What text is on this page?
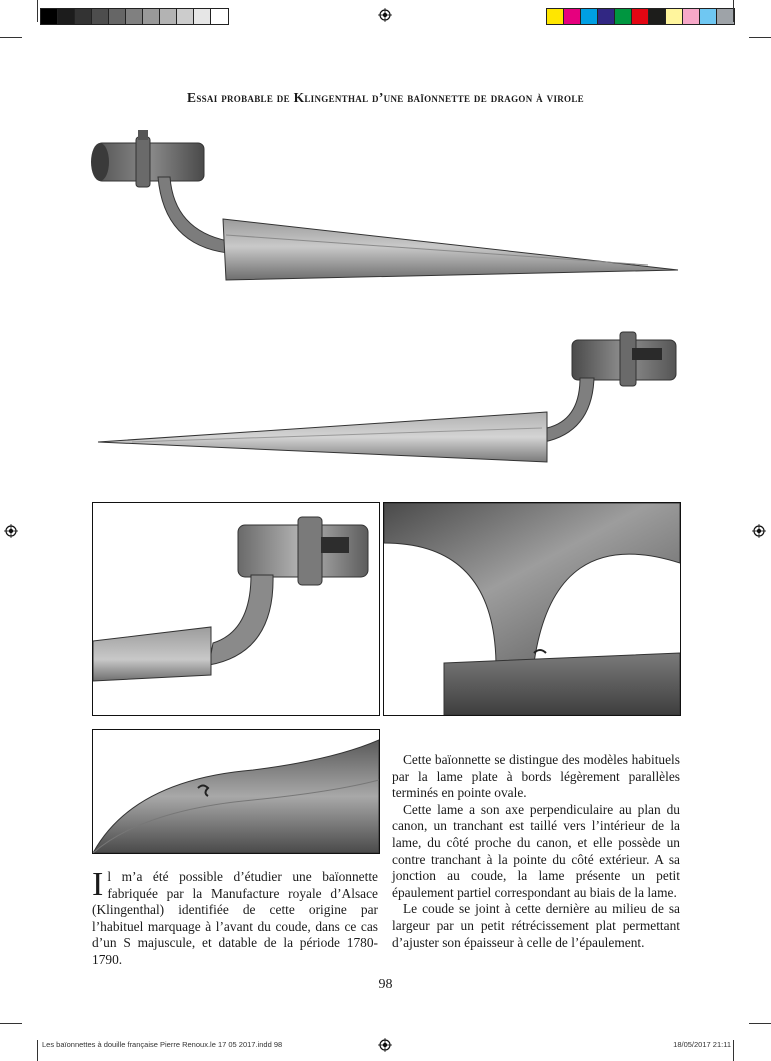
Essai probable de Klingenthal d’une baïonnette de dragon à virole

Il m’a été possible d’étudier une baïonnette fabriquée par la Manufacture royale d’Alsace (Klingenthal) identifiée de cette origine par l’habituel marquage à l’avant du coude, dans ce cas d’un S majuscule, et datable de la période 1780-1790.

Cette baïonnette se distingue des modèles habituels par la lame plate à bords légèrement parallèles terminés en pointe ovale.

Cette lame a son axe perpendiculaire au plan du canon, un tranchant est taillé vers l’intérieur de la lame, du côté proche du canon, et elle possède un contre tranchant à la pointe du côté extérieur. A sa jonction au coude, la lame présente un petit épaulement partiel correspondant au biais de la lame.

Le coude se joint à cette dernière au milieu de sa largeur par un petit rétrécissement plat permettant d’ajuster son épaisseur à celle de l’épaulement.

98
Les baïonnettes à douille française Pierre Renoux.le 17 05 2017.indd 98	18/05/2017 21:11
